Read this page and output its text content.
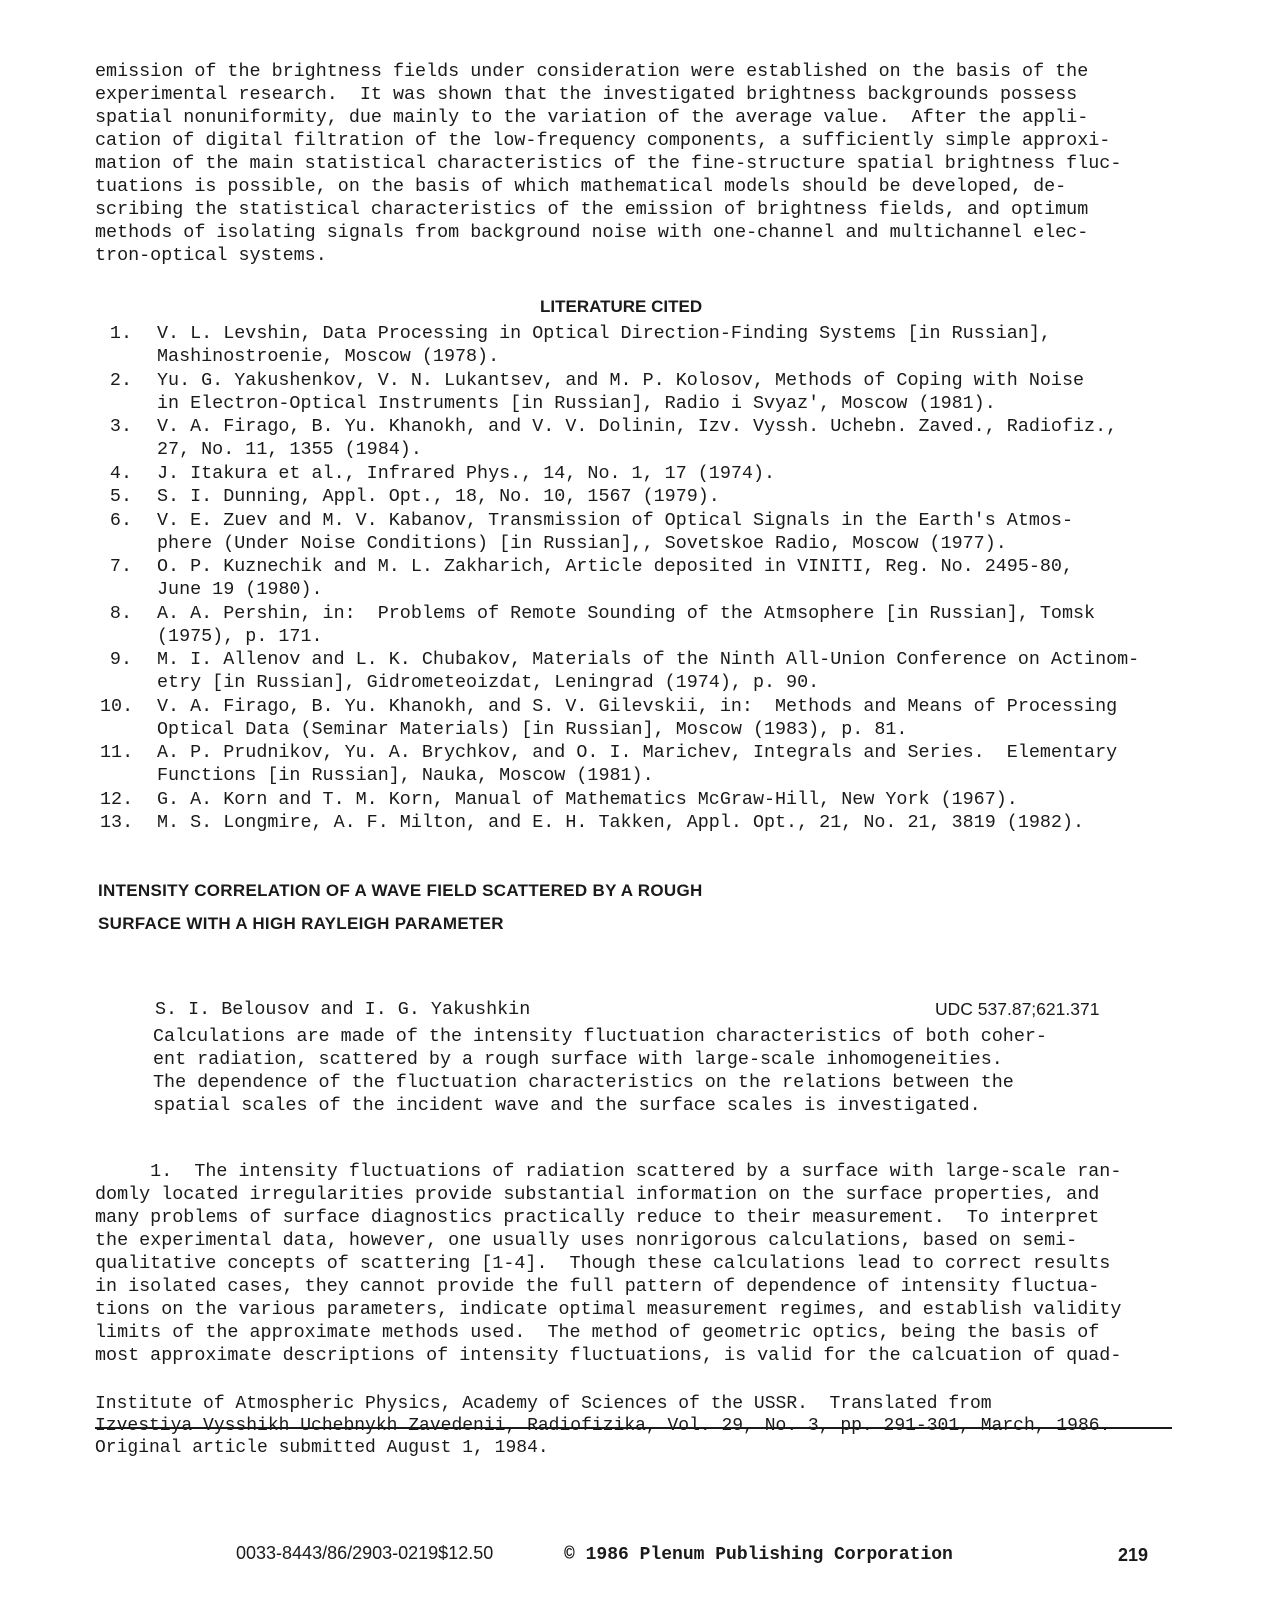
emission of the brightness fields under consideration were established on the basis of the
experimental research.  It was shown that the investigated brightness backgrounds possess
spatial nonuniformity, due mainly to the variation of the average value.  After the appli-
cation of digital filtration of the low-frequency components, a sufficiently simple approxi-
mation of the main statistical characteristics of the fine-structure spatial brightness fluc-
tuations is possible, on the basis of which mathematical models should be developed, de-
scribing the statistical characteristics of the emission of brightness fields, and optimum
methods of isolating signals from background noise with one-channel and multichannel elec-
tron-optical systems.

LITERATURE CITED
1. V. L. Levshin, Data Processing in Optical Direction-Finding Systems [in Russian],
Mashinostroenie, Moscow (1978).
2. Yu. G. Yakushenkov, V. N. Lukantsev, and M. P. Kolosov, Methods of Coping with Noise
in Electron-Optical Instruments [in Russian], Radio i Svyaz', Moscow (1981).
3. V. A. Firago, B. Yu. Khanokh, and V. V. Dolinin, Izv. Vyssh. Uchebn. Zaved., Radiofiz.,
27, No. 11, 1355 (1984).
4. J. Itakura et al., Infrared Phys., 14, No. 1, 17 (1974).
5. S. I. Dunning, Appl. Opt., 18, No. 10, 1567 (1979).
6. V. E. Zuev and M. V. Kabanov, Transmission of Optical Signals in the Earth's Atmos-
phere (Under Noise Conditions) [in Russian],, Sovetskoe Radio, Moscow (1977).
7. O. P. Kuznechik and M. L. Zakharich, Article deposited in VINITI, Reg. No. 2495-80,
June 19 (1980).
8. A. A. Pershin, in:  Problems of Remote Sounding of the Atmsophere [in Russian], Tomsk
(1975), p. 171.
9. M. I. Allenov and L. K. Chubakov, Materials of the Ninth All-Union Conference on Actinom-
etry [in Russian], Gidrometeoizdat, Leningrad (1974), p. 90.
10. V. A. Firago, B. Yu. Khanokh, and S. V. Gilevskii, in:  Methods and Means of Processing
Optical Data (Seminar Materials) [in Russian], Moscow (1983), p. 81.
11. A. P. Prudnikov, Yu. A. Brychkov, and O. I. Marichev, Integrals and Series.  Elementary
Functions [in Russian], Nauka, Moscow (1981).
12. G. A. Korn and T. M. Korn, Manual of Mathematics McGraw-Hill, New York (1967).
13. M. S. Longmire, A. F. Milton, and E. H. Takken, Appl. Opt., 21, No. 21, 3819 (1982).
INTENSITY CORRELATION OF A WAVE FIELD SCATTERED BY A ROUGH
SURFACE WITH A HIGH RAYLEIGH PARAMETER

S. I. Belousov and I. G. Yakushkin	UDC 537.87;621.371

Calculations are made of the intensity fluctuation characteristics of both coher-
ent radiation, scattered by a rough surface with large-scale inhomogeneities.
The dependence of the fluctuation characteristics on the relations between the
spatial scales of the incident wave and the surface scales is investigated.

1.  The intensity fluctuations of radiation scattered by a surface with large-scale ran-
domly located irregularities provide substantial information on the surface properties, and
many problems of surface diagnostics practically reduce to their measurement.  To interpret
the experimental data, however, one usually uses nonrigorous calculations, based on semi-
qualitative concepts of scattering [1-4].  Though these calculations lead to correct results
in isolated cases, they cannot provide the full pattern of dependence of intensity fluctua-
tions on the various parameters, indicate optimal measurement regimes, and establish validity
limits of the approximate methods used.  The method of geometric optics, being the basis of
most approximate descriptions of intensity fluctuations, is valid for the calcuation of quad-

Institute of Atmospheric Physics, Academy of Sciences of the USSR.  Translated from
Izvestiya Vysshikh Uchebnykh Zavedenii, Radiofizika, Vol. 29, No. 3, pp. 291-301, March, 1986.
Original article submitted August 1, 1984.

0033-8443/86/2903-0219$12.50	© 1986 Plenum Publishing Corporation	219
